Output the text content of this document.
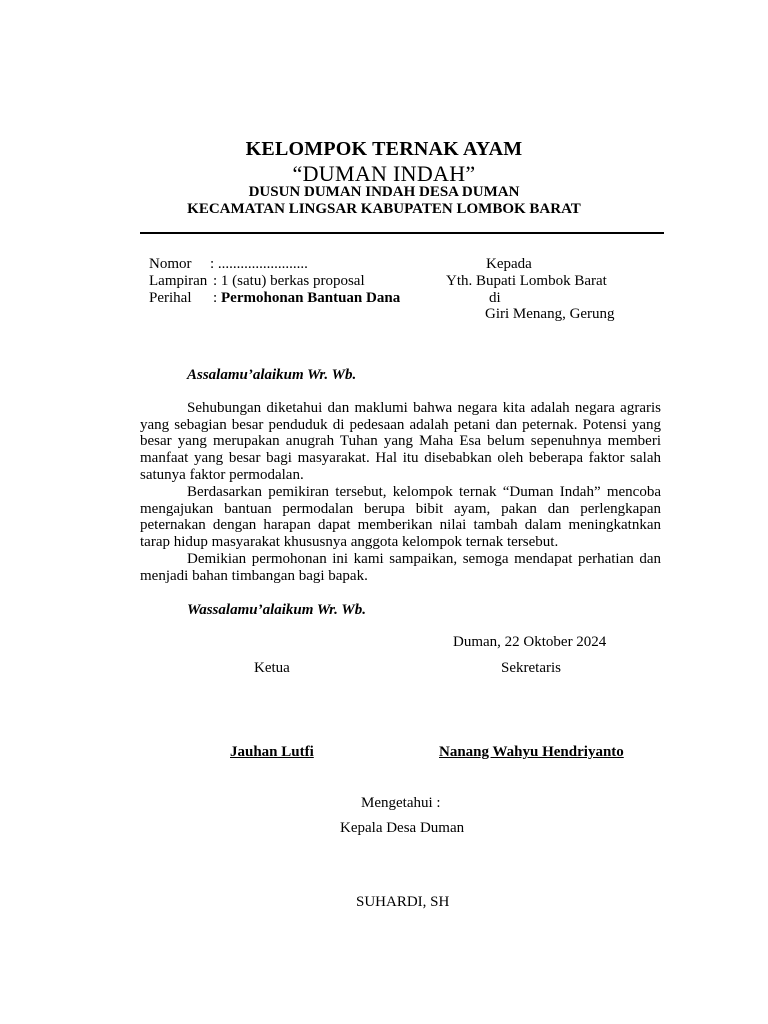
KELOMPOK TERNAK AYAM
“DUMAN INDAH”
DUSUN DUMAN INDAH DESA DUMAN
KECAMATAN LINGSAR KABUPATEN LOMBOK BARAT
Nomor : ........................
Lampiran : 1 (satu) berkas proposal
Perihal : Permohonan Bantuan Dana
Kepada
Yth. Bupati Lombok Barat
di
Giri Menang, Gerung
Assalamu’alaikum Wr. Wb.

Sehubungan diketahui dan maklumi bahwa negara kita adalah negara agraris yang sebagian besar penduduk di pedesaan adalah petani dan peternak. Potensi yang besar yang merupakan anugrah Tuhan yang Maha Esa belum sepenuhnya memberi manfaat yang besar bagi masyarakat. Hal itu disebabkan oleh beberapa faktor salah satunya faktor permodalan.

Berdasarkan pemikiran tersebut, kelompok ternak “Duman Indah” mencoba mengajukan bantuan permodalan berupa bibit ayam, pakan dan perlengkapan peternakan dengan harapan dapat memberikan nilai tambah dalam meningkatnkan tarap hidup masyarakat khususnya anggota kelompok ternak tersebut.

Demikian permohonan ini kami sampaikan, semoga mendapat perhatian dan menjadi bahan timbangan bagi bapak.

Wassalamu’alaikum Wr. Wb.
Duman, 22 Oktober 2024
Ketua	Sekretaris
Jauhan Lutfi	Nanang Wahyu Hendriyanto
Mengetahui :
Kepala Desa Duman
SUHARDI, SH
